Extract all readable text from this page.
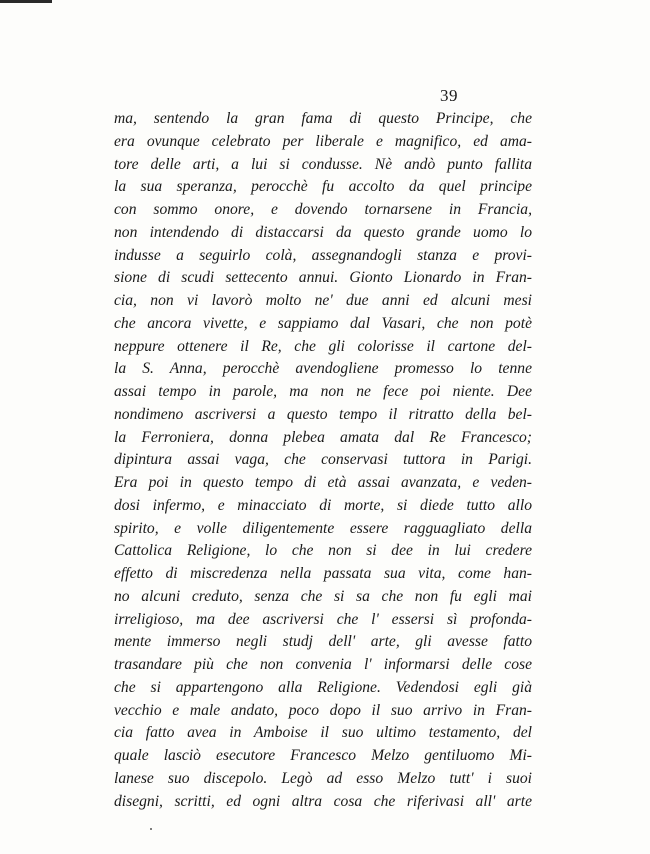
39
ma, sentendo la gran fama di questo Principe, che
era ovunque celebrato per liberale e magnifico, ed ama-
tore delle arti, a lui si condusse. Nè andò punto fallita
la sua speranza, perocchè fu accolto da quel principe
con sommo onore, e dovendo tornarsene in Francia,
non intendendo di distaccarsi da questo grande uomo lo
indusse a seguirlo colà, assegnandogli stanza e provi-
sione di scudi settecento annui. Gionto Lionardo in Fran-
cia, non vi lavorò molto ne' due anni ed alcuni mesi
che ancora vivette, e sappiamo dal Vasari, che non potè
neppure ottenere il Re, che gli colorisse il cartone del-
la S. Anna, perocchè avendogliene promesso lo tenne
assai tempo in parole, ma non ne fece poi niente. Dee
nondimeno ascriversi a questo tempo il ritratto della bel-
la Ferroniera, donna plebea amata dal Re Francesco;
dipintura assai vaga, che conservasi tuttora in Parigi.
Era poi in questo tempo di età assai avanzata, e veden-
dosi infermo, e minacciato di morte, si diede tutto allo
spirito, e volle diligentemente essere ragguagliato della
Cattolica Religione, lo che non si dee in lui credere
effetto di miscredenza nella passata sua vita, come han-
no alcuni creduto, senza che si sa che non fu egli mai
irreligioso, ma dee ascriversi che l' essersi sì profonda-
mente immerso negli studj dell' arte, gli avesse fatto
trasandare più che non convenia l' informarsi delle cose
che si appartengono alla Religione. Vedendosi egli già
vecchio e male andato, poco dopo il suo arrivo in Fran-
cia fatto avea in Amboise il suo ultimo testamento, del
quale lasciò esecutore Francesco Melzo gentiluomo Mi-
lanese suo discepolo. Legò ad esso Melzo tutt' i suoi
disegni, scritti, ed ogni altra cosa che riferivasi all' arte
